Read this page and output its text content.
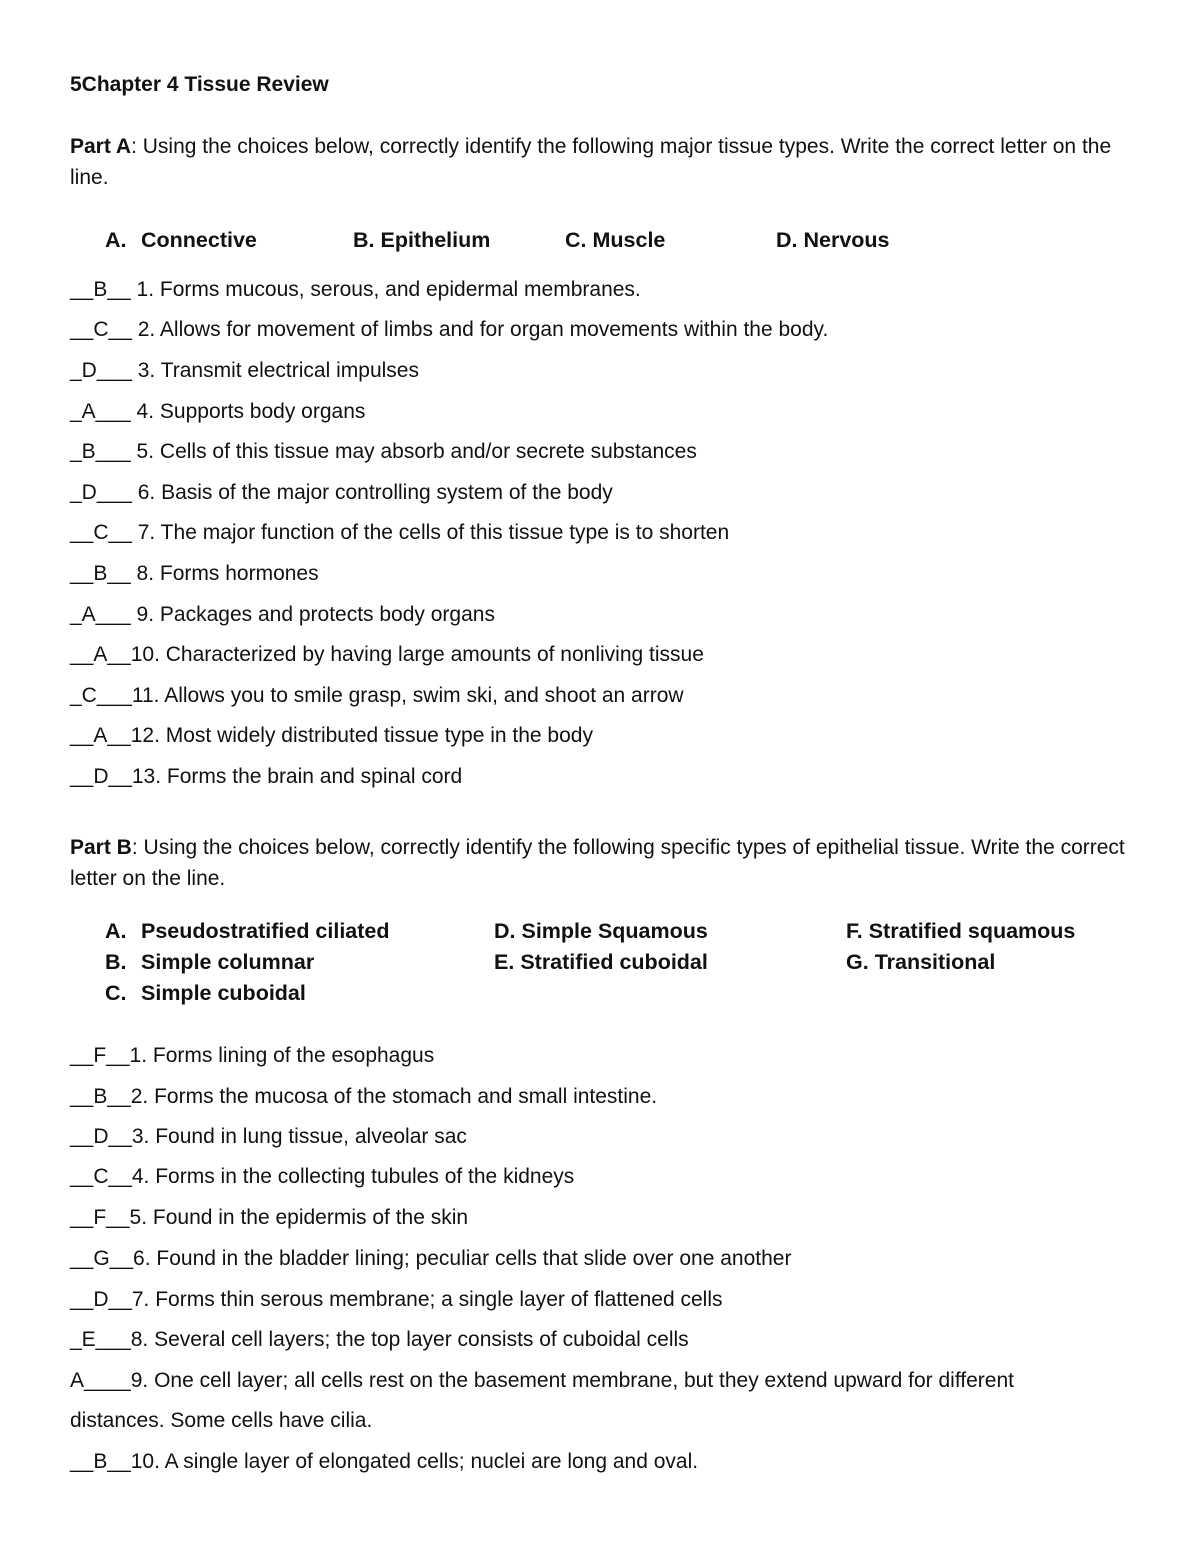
5Chapter 4 Tissue Review
Part A: Using the choices below, correctly identify the following major tissue types. Write the correct letter on the line.
A. Connective	B. Epithelium	C. Muscle	D. Nervous
__B__ 1. Forms mucous, serous, and epidermal membranes.
__C__ 2. Allows for movement of limbs and for organ movements within the body.
_D___ 3. Transmit electrical impulses
_A___ 4. Supports body organs
_B___ 5. Cells of this tissue may absorb and/or secrete substances
_D___ 6. Basis of the major controlling system of the body
__C__ 7. The major function of the cells of this tissue type is to shorten
__B__ 8. Forms hormones
_A___ 9. Packages and protects body organs
__A__10. Characterized by having large amounts of nonliving tissue
_C___11. Allows you to smile grasp, swim ski, and shoot an arrow
__A__12. Most widely distributed tissue type in the body
__D__13. Forms the brain and spinal cord
Part B: Using the choices below, correctly identify the following specific types of epithelial tissue. Write the correct letter on the line.
A. Pseudostratified ciliated
B. Simple columnar
C. Simple cuboidal
D. Simple Squamous
E. Stratified cuboidal
F. Stratified squamous
G. Transitional
__F__1. Forms lining of the esophagus
__B__2. Forms the mucosa of the stomach and small intestine.
__D__3. Found in lung tissue, alveolar sac
__C__4. Forms in the collecting tubules of the kidneys
__F__5. Found in the epidermis of the skin
__G__6. Found in the bladder lining; peculiar cells that slide over one another
__D__7. Forms thin serous membrane; a single layer of flattened cells
_E___8. Several cell layers; the top layer consists of cuboidal cells
A____9. One cell layer; all cells rest on the basement membrane, but they extend upward for different
distances. Some cells have cilia.
__B__10. A single layer of elongated cells; nuclei are long and oval.
